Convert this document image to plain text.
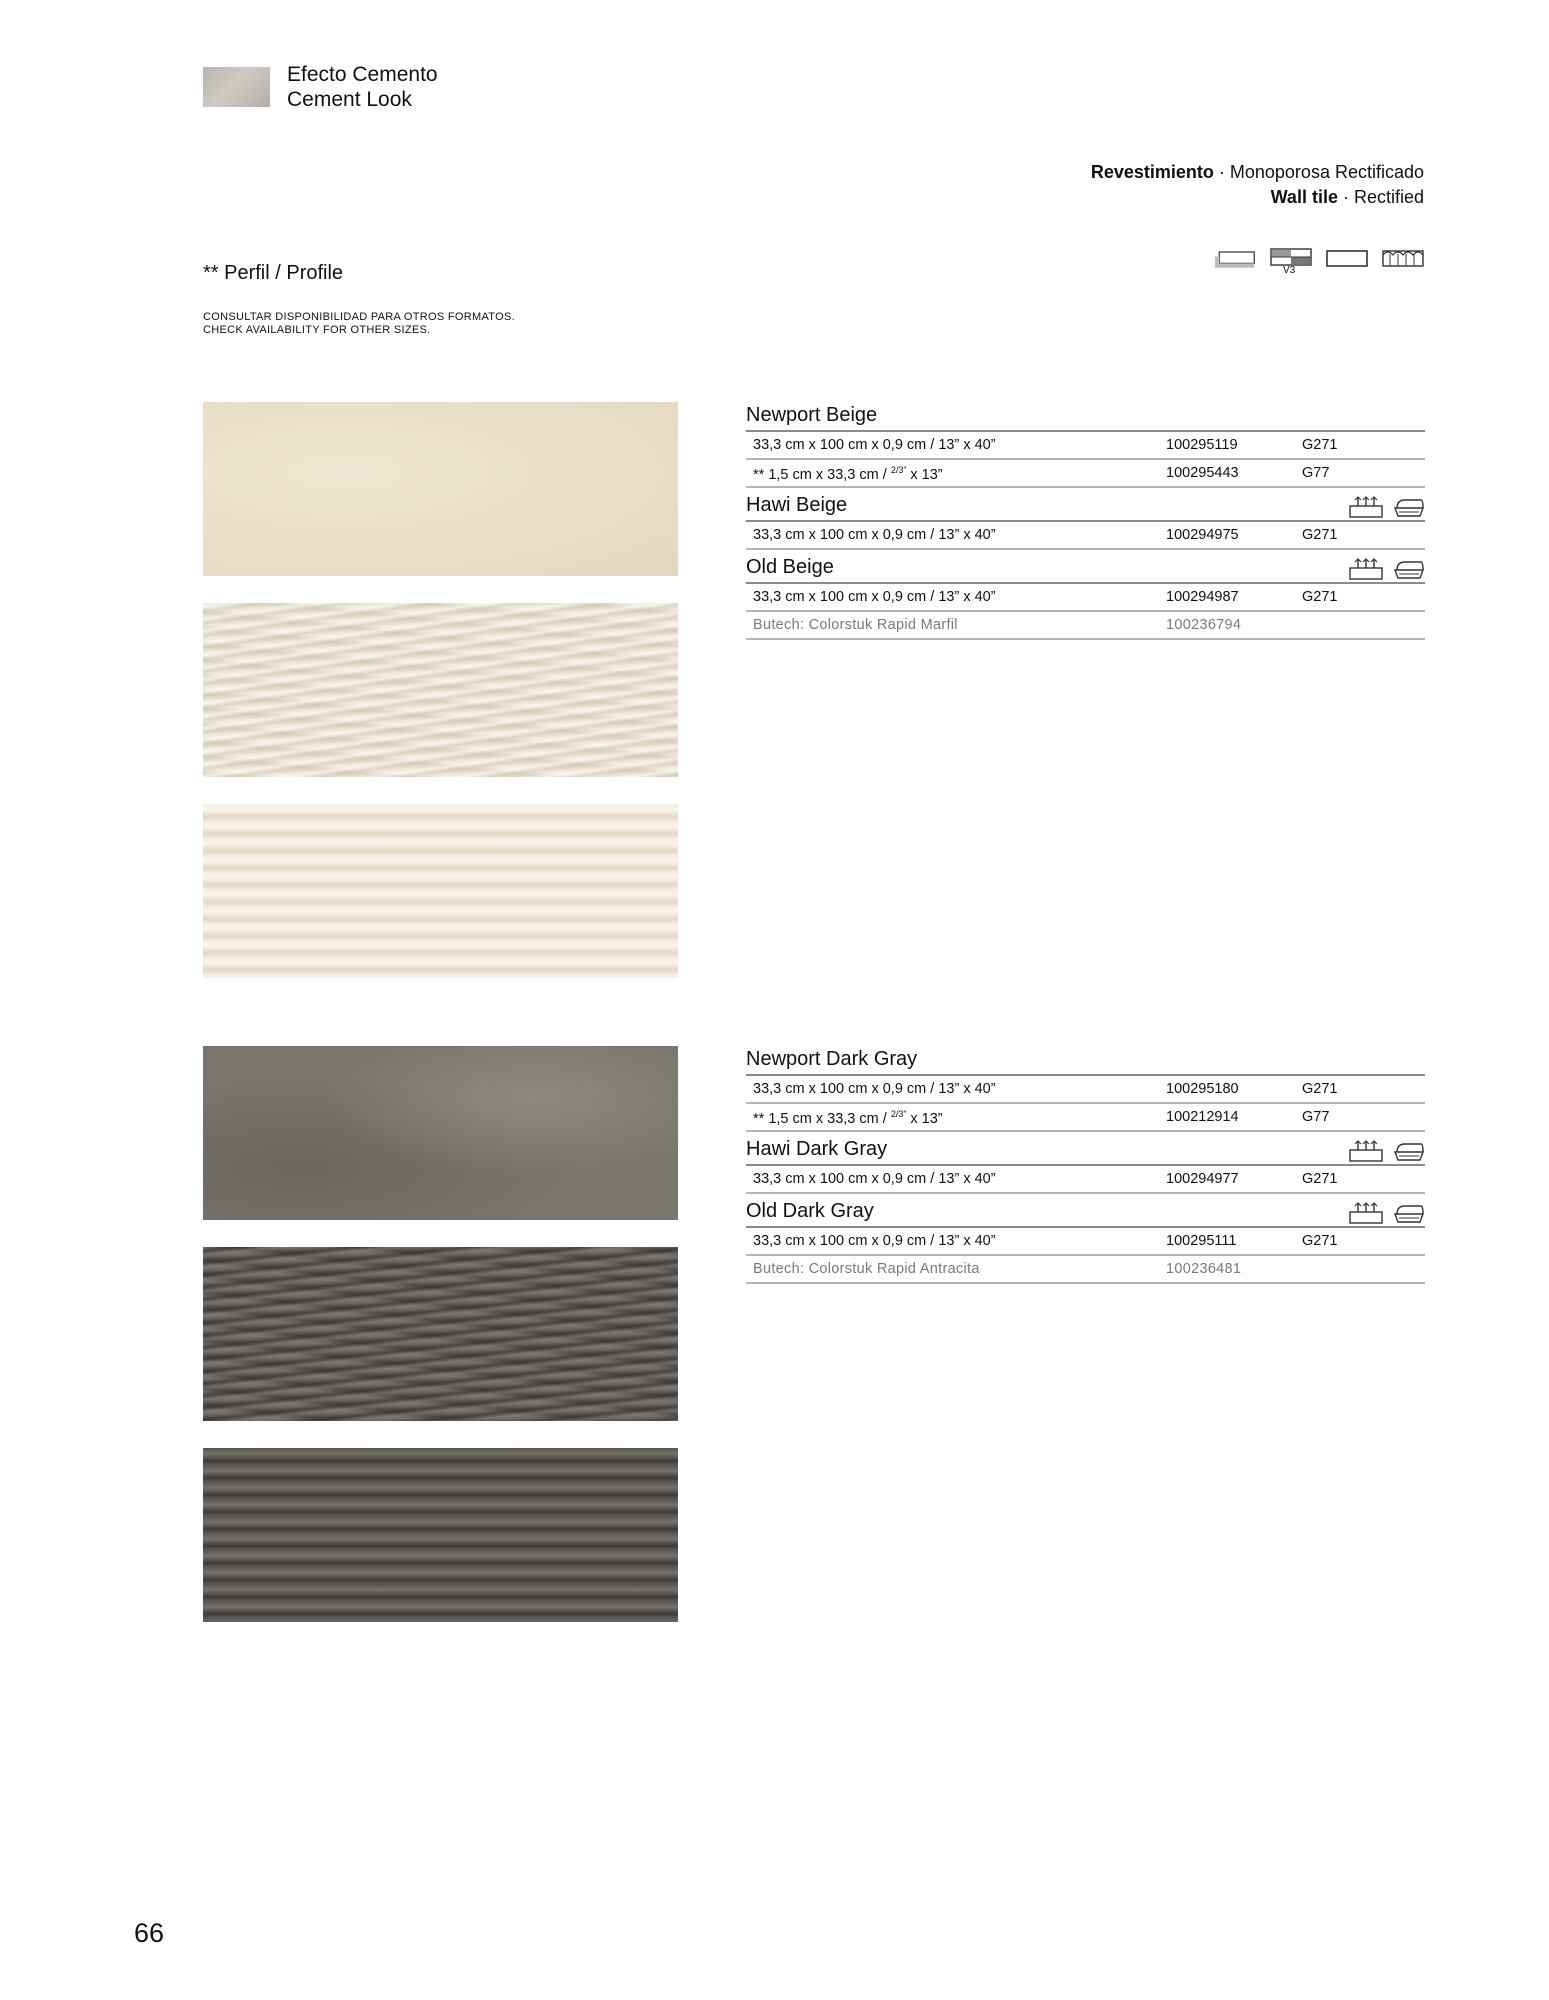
Efecto Cemento
Cement Look
Revestimiento · Monoporosa Rectificado
Wall tile · Rectified
V3
** Perfil / Profile
CONSULTAR DISPONIBILIDAD PARA OTROS FORMATOS.
CHECK AVAILABILITY FOR OTHER SIZES.
Newport Beige
33,3 cm x 100 cm x 0,9 cm / 13” x 40”	100295119	G271
** 1,5 cm x 33,3 cm / $^{2/3”}$ x 13”	100295443	G77
Hawi Beige
33,3 cm x 100 cm x 0,9 cm / 13” x 40”	100294975	G271
Old Beige
33,3 cm x 100 cm x 0,9 cm / 13” x 40”	100294987	G271
Butech: Colorstuk Rapid Marfil	100236794
Newport Dark Gray
33,3 cm x 100 cm x 0,9 cm / 13” x 40”	100295180	G271
** 1,5 cm x 33,3 cm / $^{2/3”}$ x 13”	100212914	G77
Hawi Dark Gray
33,3 cm x 100 cm x 0,9 cm / 13” x 40”	100294977	G271
Old Dark Gray
33,3 cm x 100 cm x 0,9 cm / 13” x 40”	100295111	G271
Butech: Colorstuk Rapid Antracita	100236481
66
